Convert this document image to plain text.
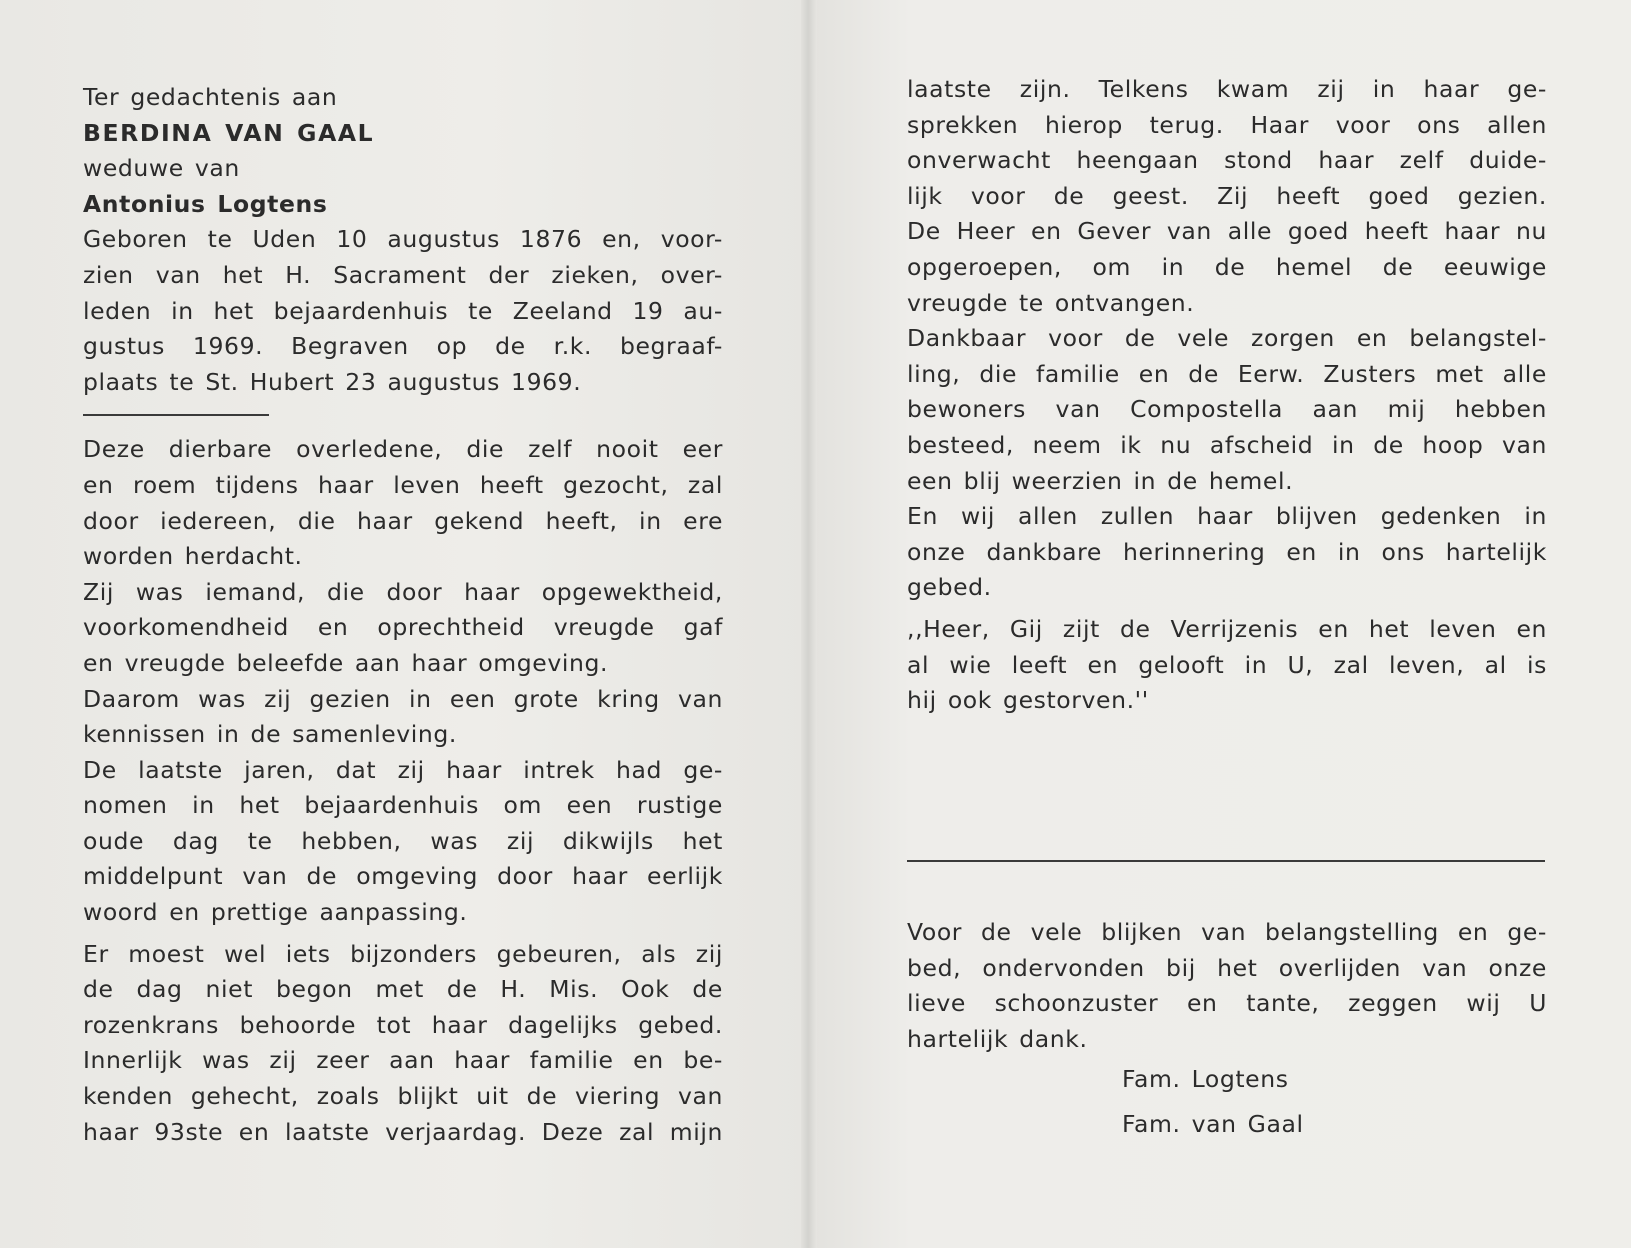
Ter gedachtenis aan
BERDINA VAN GAAL
weduwe van
Antonius Logtens
Geboren te Uden 10 augustus 1876 en, voor-
zien van het H. Sacrament der zieken, over-
leden in het bejaardenhuis te Zeeland 19 au-
gustus 1969. Begraven op de r.k. begraaf-
plaats te St. Hubert 23 augustus 1969.
Deze dierbare overledene, die zelf nooit eer
en roem tijdens haar leven heeft gezocht, zal
door iedereen, die haar gekend heeft, in ere
worden herdacht.
Zij was iemand, die door haar opgewektheid,
voorkomendheid en oprechtheid vreugde gaf
en vreugde beleefde aan haar omgeving.
Daarom was zij gezien in een grote kring van
kennissen in de samenleving.
De laatste jaren, dat zij haar intrek had ge-
nomen in het bejaardenhuis om een rustige
oude dag te hebben, was zij dikwijls het
middelpunt van de omgeving door haar eerlijk
woord en prettige aanpassing.
Er moest wel iets bijzonders gebeuren, als zij
de dag niet begon met de H. Mis. Ook de
rozenkrans behoorde tot haar dagelijks gebed.
Innerlijk was zij zeer aan haar familie en be-
kenden gehecht, zoals blijkt uit de viering van
haar 93ste en laatste verjaardag. Deze zal mijn
laatste zijn. Telkens kwam zij in haar ge-
sprekken hierop terug. Haar voor ons allen
onverwacht heengaan stond haar zelf duide-
lijk voor de geest. Zij heeft goed gezien.
De Heer en Gever van alle goed heeft haar nu
opgeroepen, om in de hemel de eeuwige
vreugde te ontvangen.
Dankbaar voor de vele zorgen en belangstel-
ling, die familie en de Eerw. Zusters met alle
bewoners van Compostella aan mij hebben
besteed, neem ik nu afscheid in de hoop van
een blij weerzien in de hemel.
En wij allen zullen haar blijven gedenken in
onze dankbare herinnering en in ons hartelijk
gebed.
,,Heer, Gij zijt de Verrijzenis en het leven en
al wie leeft en gelooft in U, zal leven, al is
hij ook gestorven.''
Voor de vele blijken van belangstelling en ge-
bed, ondervonden bij het overlijden van onze
lieve schoonzuster en tante, zeggen wij U
hartelijk dank.
Fam. Logtens
Fam. van Gaal
